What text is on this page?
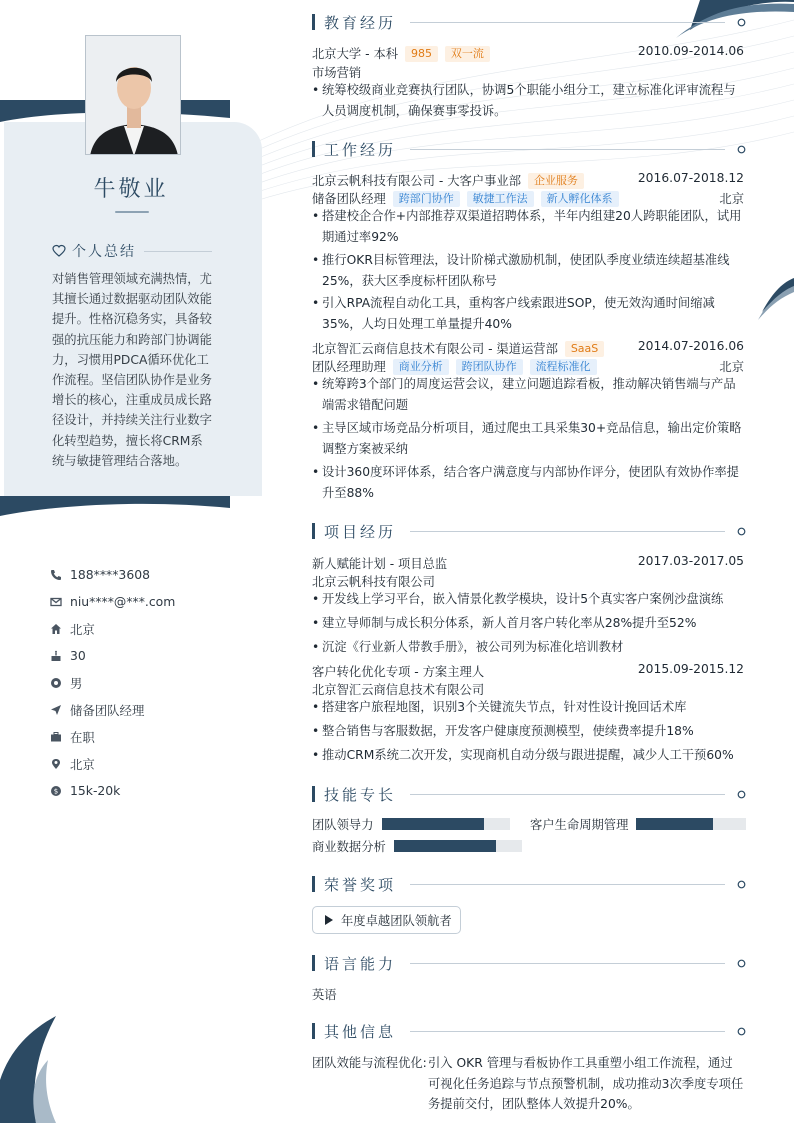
牛敬业
个人总结
对销售管理领域充满热情，尤其擅长通过数据驱动团队效能提升。性格沉稳务实，具备较强的抗压能力和跨部门协调能力，习惯用PDCA循环优化工作流程。坚信团队协作是业务增长的核心，注重成员成长路径设计，并持续关注行业数字化转型趋势，擅长将CRM系统与敏捷管理结合落地。
188****3608
niu****@***.com
北京
30
男
储备团队经理
在职
北京
$ 15k-20k
教育经历
北京大学 - 本科 985 双一流	2010.09-2014.06
市场营销
• 统筹校级商业竞赛执行团队，协调5个职能小组分工，建立标准化评审流程与人员调度机制，确保赛事零投诉。
工作经历
北京云帆科技有限公司 - 大客户事业部 企业服务	2016.07-2018.12
储备团队经理 跨部门协作 敏捷工作法 新人孵化体系	北京
• 搭建校企合作+内部推荐双渠道招聘体系，半年内组建20人跨职能团队，试用期通过率92%
• 推行OKR目标管理法，设计阶梯式激励机制，使团队季度业绩连续超基准线25%，获大区季度标杆团队称号
• 引入RPA流程自动化工具，重构客户线索跟进SOP，使无效沟通时间缩减35%，人均日处理工单量提升40%
北京智汇云商信息技术有限公司 - 渠道运营部 SaaS	2014.07-2016.06
团队经理助理 商业分析 跨团队协作 流程标准化	北京
• 统筹跨3个部门的周度运营会议，建立问题追踪看板，推动解决销售端与产品端需求错配问题
• 主导区域市场竞品分析项目，通过爬虫工具采集30+竞品信息，输出定价策略调整方案被采纳
• 设计360度环评体系，结合客户满意度与内部协作评分，使团队有效协作率提升至88%
项目经历
新人赋能计划 - 项目总监	2017.03-2017.05
北京云帆科技有限公司
• 开发线上学习平台，嵌入情景化教学模块，设计5个真实客户案例沙盘演练
• 建立导师制与成长积分体系，新人首月客户转化率从28%提升至52%
• 沉淀《行业新人带教手册》，被公司列为标准化培训教材
客户转化优化专项 - 方案主理人	2015.09-2015.12
北京智汇云商信息技术有限公司
• 搭建客户旅程地图，识别3个关键流失节点，针对性设计挽回话术库
• 整合销售与客服数据，开发客户健康度预测模型，使续费率提升18%
• 推动CRM系统二次开发，实现商机自动分级与跟进提醒，减少人工干预60%
技能专长
团队领导力	客户生命周期管理
商业数据分析
荣誉奖项
年度卓越团队领航者
语言能力
英语
其他信息
团队效能与流程优化: 引入 OKR 管理与看板协作工具重塑小组工作流程，通过可视化任务追踪与节点预警机制，成功推动3次季度专项任务提前交付，团队整体人效提升20%。
